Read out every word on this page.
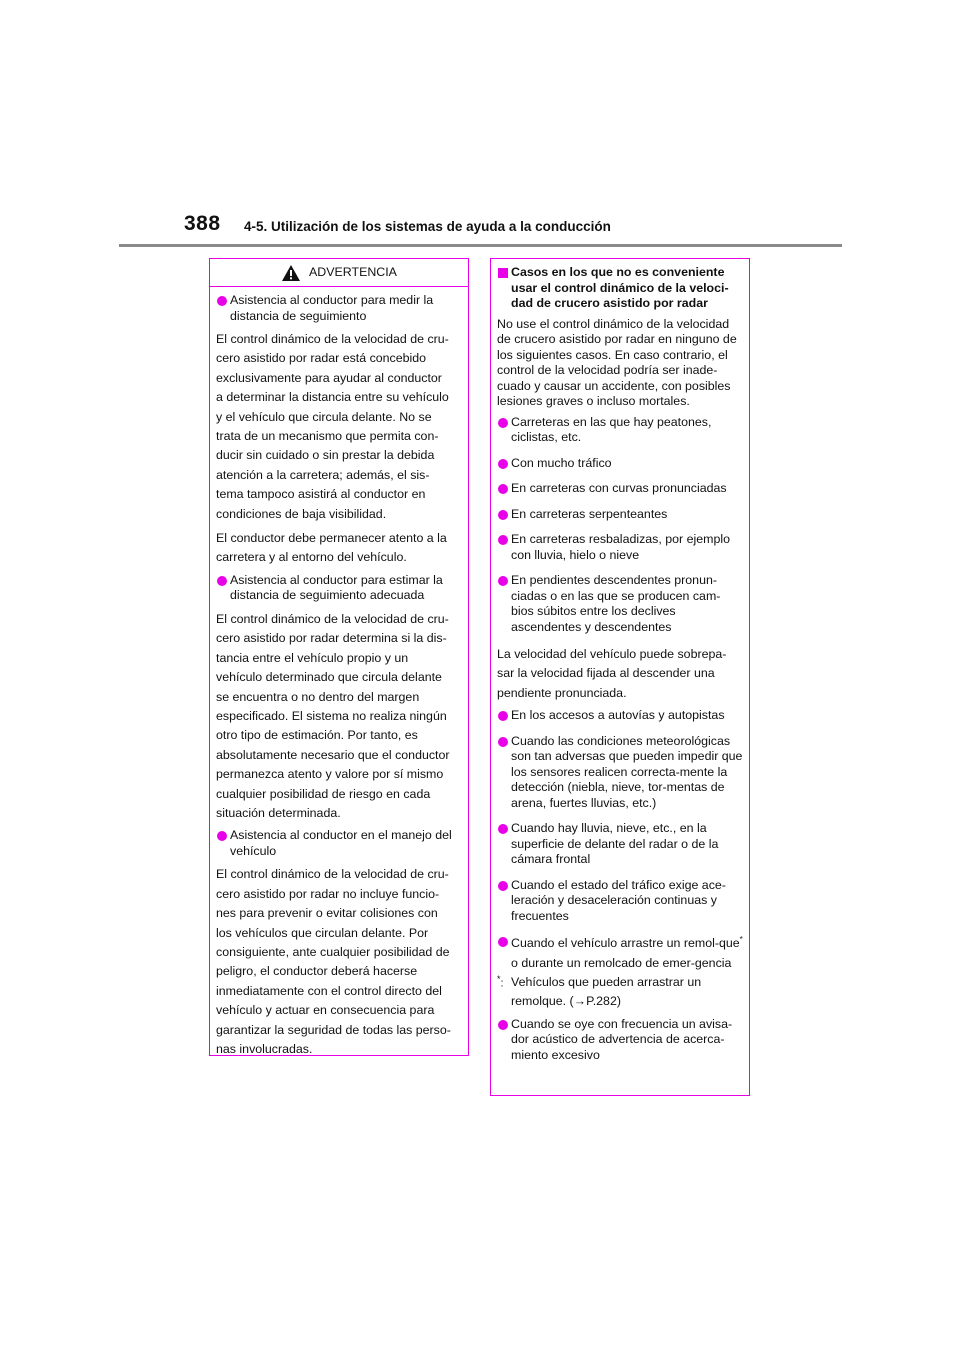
388 4-5. Utilización de los sistemas de ayuda a la conducción
ADVERTENCIA
Asistencia al conductor para medir la distancia de seguimiento
El control dinámico de la velocidad de cru-
cero asistido por radar está concebido
exclusivamente para ayudar al conductor
a determinar la distancia entre su vehículo
y el vehículo que circula delante. No se
trata de un mecanismo que permita con-
ducir sin cuidado o sin prestar la debida
atención a la carretera; además, el sis-
tema tampoco asistirá al conductor en
condiciones de baja visibilidad.
El conductor debe permanecer atento a la
carretera y al entorno del vehículo.
Asistencia al conductor para estimar la distancia de seguimiento adecuada
El control dinámico de la velocidad de cru-
cero asistido por radar determina si la dis-
tancia entre el vehículo propio y un
vehículo determinado que circula delante
se encuentra o no dentro del margen
especificado. El sistema no realiza ningún
otro tipo de estimación. Por tanto, es
absolutamente necesario que el conductor
permanezca atento y valore por sí mismo
cualquier posibilidad de riesgo en cada
situación determinada.
Asistencia al conductor en el manejo del vehículo
El control dinámico de la velocidad de cru-
cero asistido por radar no incluye funcio-
nes para prevenir o evitar colisiones con
los vehículos que circulan delante. Por
consiguiente, ante cualquier posibilidad de
peligro, el conductor deberá hacerse
inmediatamente con el control directo del
vehículo y actuar en consecuencia para
garantizar la seguridad de todas las perso-
nas involucradas.
Casos en los que no es conveniente usar el control dinámico de la veloci-dad de crucero asistido por radar
No use el control dinámico de la velocidad de crucero asistido por radar en ninguno de los siguientes casos. En caso contrario, el control de la velocidad podría ser inade-cuado y causar un accidente, con posibles lesiones graves o incluso mortales.
Carreteras en las que hay peatones, ciclistas, etc.
Con mucho tráfico
En carreteras con curvas pronunciadas
En carreteras serpenteantes
En carreteras resbaladizas, por ejemplo con lluvia, hielo o nieve
En pendientes descendentes pronun-ciadas o en las que se producen cam-bios súbitos entre los declives ascendentes y descendentes
La velocidad del vehículo puede sobrepa-
sar la velocidad fijada al descender una
pendiente pronunciada.
En los accesos a autovías y autopistas
Cuando las condiciones meteorológicas son tan adversas que pueden impedir que los sensores realicen correcta-mente la detección (niebla, nieve, tor-mentas de arena, fuertes lluvias, etc.)
Cuando hay lluvia, nieve, etc., en la superficie de delante del radar o de la cámara frontal
Cuando el estado del tráfico exige ace-leración y desaceleración continuas y frecuentes
Cuando el vehículo arrastre un remol-que* o durante un remolcado de emer-gencia
*: Vehículos que pueden arrastrar un
remolque. (→P.282)
Cuando se oye con frecuencia un avisa-dor acústico de advertencia de acerca-miento excesivo
